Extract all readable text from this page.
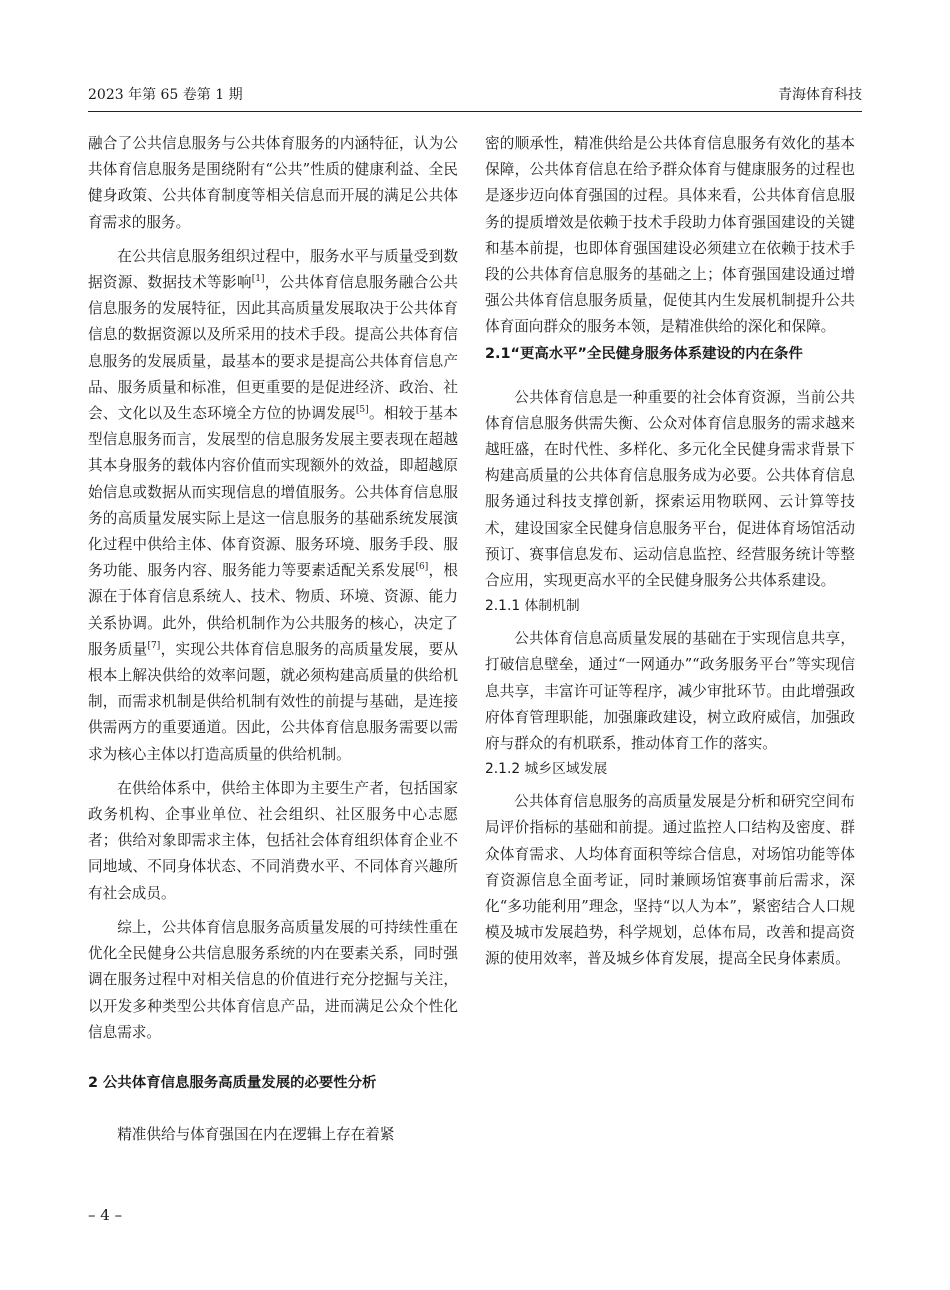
2023 年第 65 卷第 1 期	青海体育科技

融合了公共信息服务与公共体育服务的内涵特征，认为公共体育信息服务是围绕附有“公共”性质的健康利益、全民健身政策、公共体育制度等相关信息而开展的满足公共体育需求的服务。

在公共信息服务组织过程中，服务水平与质量受到数据资源、数据技术等影响[1]，公共体育信息服务融合公共信息服务的发展特征，因此其高质量发展取决于公共体育信息的数据资源以及所采用的技术手段。提高公共体育信息服务的发展质量，最基本的要求是提高公共体育信息产品、服务质量和标准，但更重要的是促进经济、政治、社会、文化以及生态环境全方位的协调发展[5]。相较于基本型信息服务而言，发展型的信息服务发展主要表现在超越其本身服务的载体内容价值而实现额外的效益，即超越原始信息或数据从而实现信息的增值服务。公共体育信息服务的高质量发展实际上是这一信息服务的基础系统发展演化过程中供给主体、体育资源、服务环境、服务手段、服务功能、服务内容、服务能力等要素适配关系发展[6]，根源在于体育信息系统人、技术、物质、环境、资源、能力关系协调。此外，供给机制作为公共服务的核心，决定了服务质量[7]，实现公共体育信息服务的高质量发展，要从根本上解决供给的效率问题，就必须构建高质量的供给机制，而需求机制是供给机制有效性的前提与基础，是连接供需两方的重要通道。因此，公共体育信息服务需要以需求为核心主体以打造高质量的供给机制。

在供给体系中，供给主体即为主要生产者，包括国家政务机构、企事业单位、社会组织、社区服务中心志愿者；供给对象即需求主体，包括社会体育组织体育企业不同地域、不同身体状态、不同消费水平、不同体育兴趣所有社会成员。

综上，公共体育信息服务高质量发展的可持续性重在优化全民健身公共信息服务系统的内在要素关系，同时强调在服务过程中对相关信息的价值进行充分挖掘与关注，以开发多种类型公共体育信息产品，进而满足公众个性化信息需求。

2 公共体育信息服务高质量发展的必要性分析

精准供给与体育强国在内在逻辑上存在着紧

密的顺承性，精准供给是公共体育信息服务有效化的基本保障，公共体育信息在给予群众体育与健康服务的过程也是逐步迈向体育强国的过程。具体来看，公共体育信息服务的提质增效是依赖于技术手段助力体育强国建设的关键和基本前提，也即体育强国建设必须建立在依赖于技术手段的公共体育信息服务的基础之上；体育强国建设通过增强公共体育信息服务质量，促使其内生发展机制提升公共体育面向群众的服务本领，是精准供给的深化和保障。

2.1“更高水平”全民健身服务体系建设的内在条件

公共体育信息是一种重要的社会体育资源，当前公共体育信息服务供需失衡、公众对体育信息服务的需求越来越旺盛，在时代性、多样化、多元化全民健身需求背景下构建高质量的公共体育信息服务成为必要。公共体育信息服务通过科技支撑创新，探索运用物联网、云计算等技术，建设国家全民健身信息服务平台，促进体育场馆活动预订、赛事信息发布、运动信息监控、经营服务统计等整合应用，实现更高水平的全民健身服务公共体系建设。

2.1.1 体制机制

公共体育信息高质量发展的基础在于实现信息共享，打破信息壁垒，通过“一网通办”“政务服务平台”等实现信息共享，丰富许可证等程序，减少审批环节。由此增强政府体育管理职能，加强廉政建设，树立政府威信，加强政府与群众的有机联系，推动体育工作的落实。

2.1.2 城乡区域发展

公共体育信息服务的高质量发展是分析和研究空间布局评价指标的基础和前提。通过监控人口结构及密度、群众体育需求、人均体育面积等综合信息，对场馆功能等体育资源信息全面考证，同时兼顾场馆赛事前后需求，深化“多功能利用”理念，坚持“以人为本”，紧密结合人口规模及城市发展趋势，科学规划，总体布局，改善和提高资源的使用效率，普及城乡体育发展，提高全民身体素质。

– 4 –
